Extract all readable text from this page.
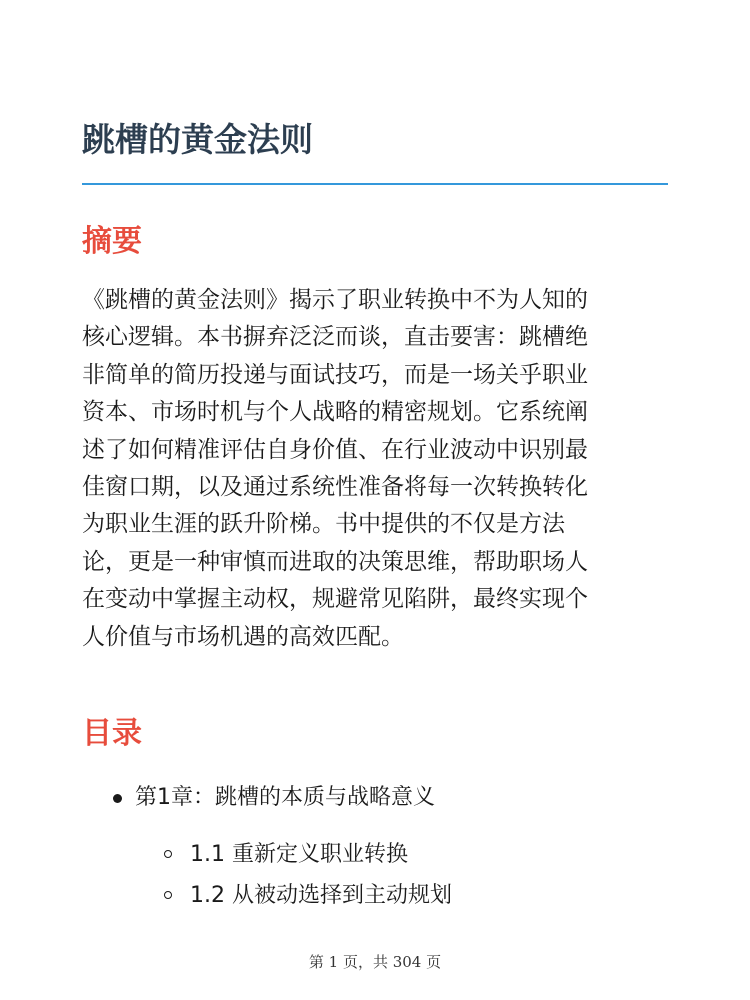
跳槽的黄金法则
摘要

《跳槽的黄金法则》揭示了职业转换中不为人知的
核心逻辑。本书摒弃泛泛而谈，直击要害：跳槽绝
非简单的简历投递与面试技巧，而是一场关乎职业
资本、市场时机与个人战略的精密规划。它系统阐
述了如何精准评估自身价值、在行业波动中识别最
佳窗口期，以及通过系统性准备将每一次转换转化
为职业生涯的跃升阶梯。书中提供的不仅是方法
论，更是一种审慎而进取的决策思维，帮助职场人
在变动中掌握主动权，规避常见陷阱，最终实现个
人价值与市场机遇的高效匹配。

目录
第1章：跳槽的本质与战略意义
1.1 重新定义职业转换
1.2 从被动选择到主动规划
第 1 页，共 304 页
